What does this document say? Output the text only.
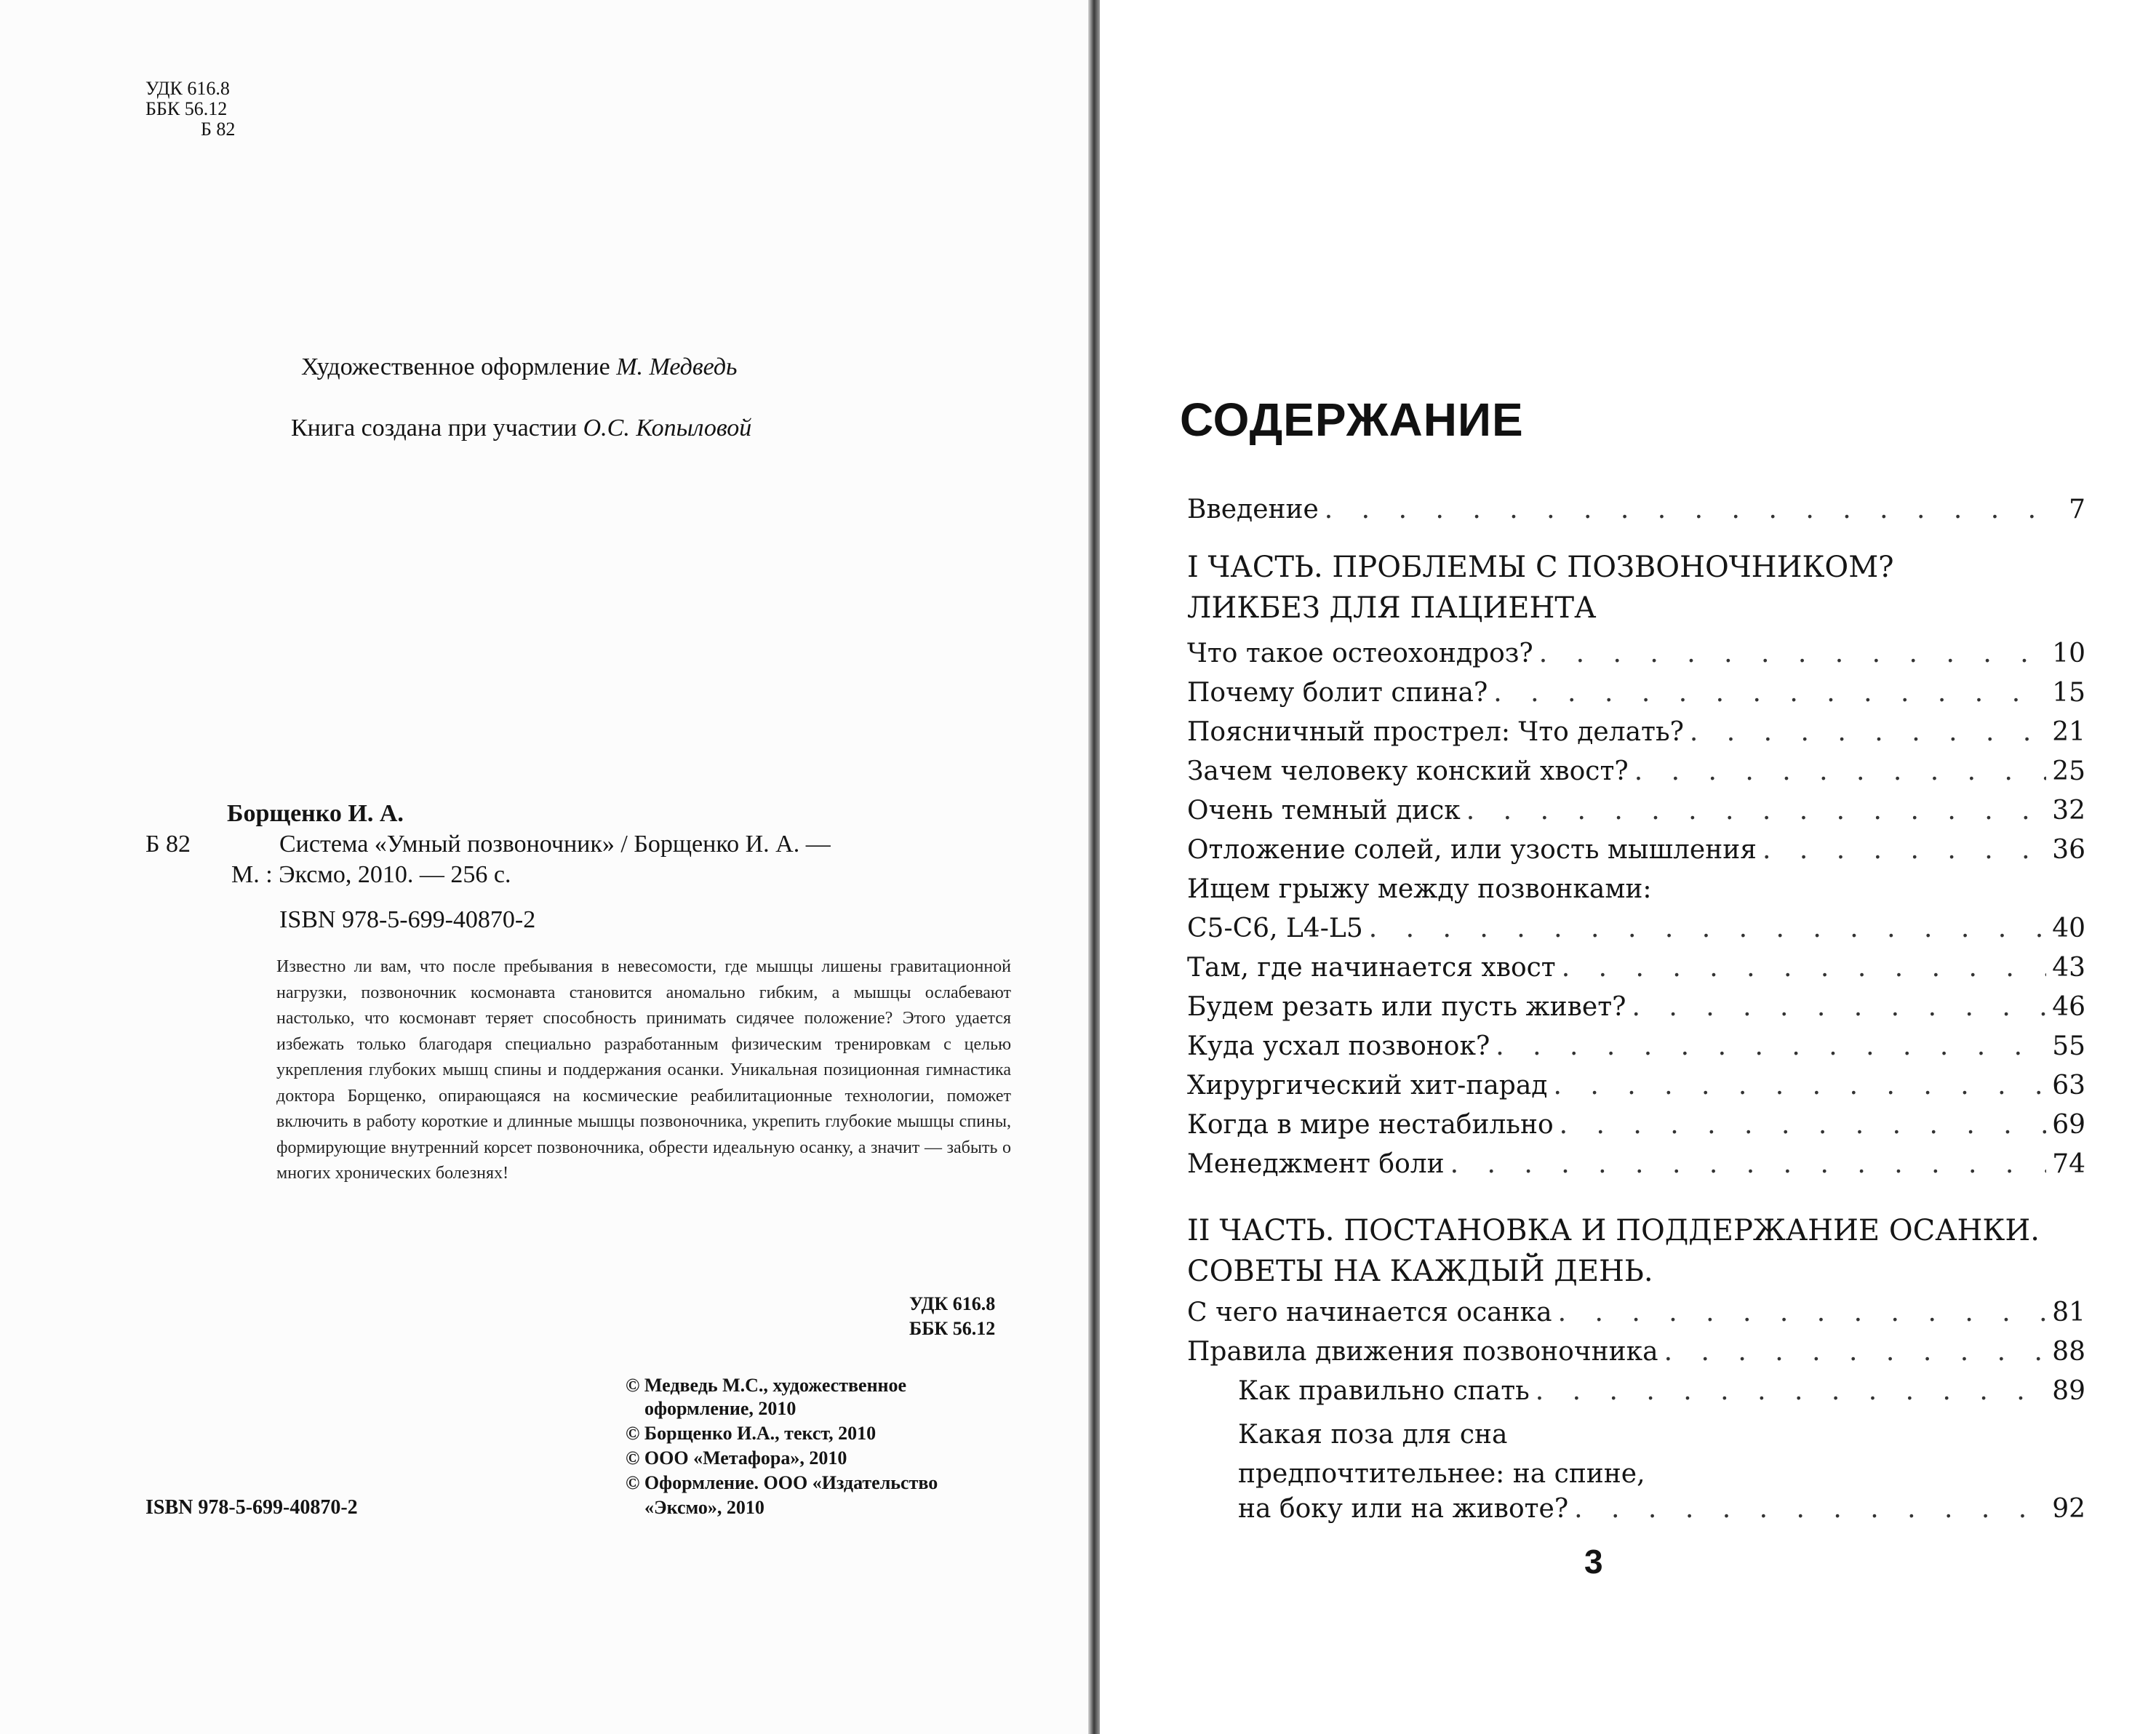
УДК 616.8
ББК 56.12
Б 82
Художественное оформление М. Медведь
Книга создана при участии О.С. Копыловой
Борщенко И. А.
Б 82	Система «Умный позвоночник» / Борщенко И. А. —
М. : Эксмо, 2010. — 256 с.
ISBN 978-5-699-40870-2
Известно ли вам, что после пребывания в невесомости, где мышцы лишены гравитационной нагрузки, позвоночник космонавта становится аномально гибким, а мышцы ослабевают настолько, что космонавт теряет способность принимать сидячее положение? Этого удается избежать только благодаря специально разработанным физическим тренировкам с целью укрепления глубоких мышц спины и поддержания осанки. Уникальная позиционная гимнастика доктора Борщенко, опирающаяся на космические реабилитационные технологии, поможет включить в работу короткие и длинные мышцы позвоночника, укрепить глубокие мышцы спины, формирующие внутренний корсет позвоночника, обрести идеальную осанку, а значит — забыть о многих хронических болезнях!
УДК 616.8
ББК 56.12
© Медведь М.С., художественное
оформление, 2010
© Борщенко И.А., текст, 2010
© ООО «Метафора», 2010
© Оформление. ООО «Издательство
«Эксмо», 2010
ISBN 978-5-699-40870-2
СОДЕРЖАНИЕ
Введение . . .	7
I ЧАСТЬ. ПРОБЛЕМЫ С ПОЗВОНОЧНИКОМ?
ЛИКБЕЗ ДЛЯ ПАЦИЕНТА
Что такое остеохондроз? . . .	10
Почему болит спина? . . .	15
Поясничный прострел: Что делать? . . .	21
Зачем человеку конский хвост? . . .	25
Очень темный диск . . .	32
Отложение солей, или узость мышления . . .	36
Ищем грыжу между позвонками:
C5-C6, L4-L5 . . .	40
Там, где начинается хвост . . .	43
Будем резать или пусть живет? . . .	46
Куда усхал позвонок? . . .	55
Хирургический хит-парад . . .	63
Когда в мире нестабильно . . .	69
Менеджмент боли . . .	74
II ЧАСТЬ. ПОСТАНОВКА И ПОДДЕРЖАНИЕ ОСАНКИ.
СОВЕТЫ НА КАЖДЫЙ ДЕНЬ.
С чего начинается осанка . . .	81
Правила движения позвоночника . . .	88
Как правильно спать . . .	89
Какая поза для сна
предпочтительнее: на спине,
на боку или на животе? . . .	92
3
